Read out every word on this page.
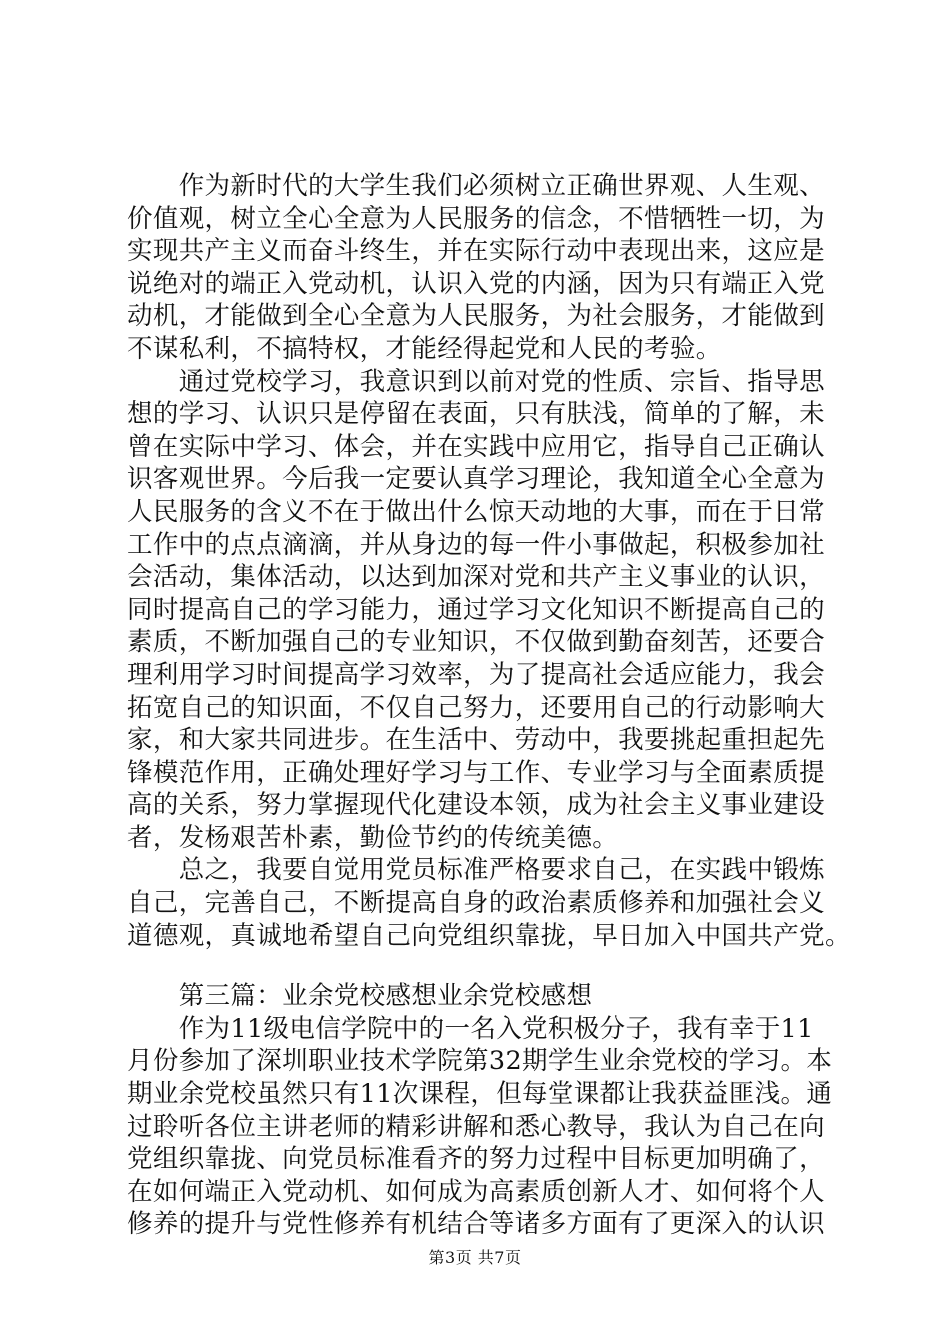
　　作为新时代的大学生我们必须树立正确世界观、人生观、
价值观，树立全心全意为人民服务的信念，不惜牺牲一切，为
实现共产主义而奋斗终生，并在实际行动中表现出来，这应是
说绝对的端正入党动机，认识入党的内涵，因为只有端正入党
动机，才能做到全心全意为人民服务，为社会服务，才能做到
不谋私利，不搞特权，才能经得起党和人民的考验。
　　通过党校学习，我意识到以前对党的性质、宗旨、指导思
想的学习、认识只是停留在表面，只有肤浅，简单的了解，未
曾在实际中学习、体会，并在实践中应用它，指导自己正确认
识客观世界。今后我一定要认真学习理论，我知道全心全意为
人民服务的含义不在于做出什么惊天动地的大事，而在于日常
工作中的点点滴滴，并从身边的每一件小事做起，积极参加社
会活动，集体活动，以达到加深对党和共产主义事业的认识，
同时提高自己的学习能力，通过学习文化知识不断提高自己的
素质，不断加强自己的专业知识，不仅做到勤奋刻苦，还要合
理利用学习时间提高学习效率，为了提高社会适应能力，我会
拓宽自己的知识面，不仅自己努力，还要用自己的行动影响大
家，和大家共同进步。在生活中、劳动中，我要挑起重担起先
锋模范作用，正确处理好学习与工作、专业学习与全面素质提
高的关系，努力掌握现代化建设本领，成为社会主义事业建设
者，发杨艰苦朴素，勤俭节约的传统美德。
　　总之，我要自觉用党员标准严格要求自己，在实践中锻炼
自己，完善自己，不断提高自身的政治素质修养和加强社会义
道德观，真诚地希望自己向党组织靠拢，早日加入中国共产党。
　　第三篇：业余党校感想业余党校感想
　　作为11级电信学院中的一名入党积极分子，我有幸于11
月份参加了深圳职业技术学院第32期学生业余党校的学习。本
期业余党校虽然只有11次课程，但每堂课都让我获益匪浅。通
过聆听各位主讲老师的精彩讲解和悉心教导，我认为自己在向
党组织靠拢、向党员标准看齐的努力过程中目标更加明确了，
在如何端正入党动机、如何成为高素质创新人才、如何将个人
修养的提升与党性修养有机结合等诸多方面有了更深入的认识
第3页 共7页
